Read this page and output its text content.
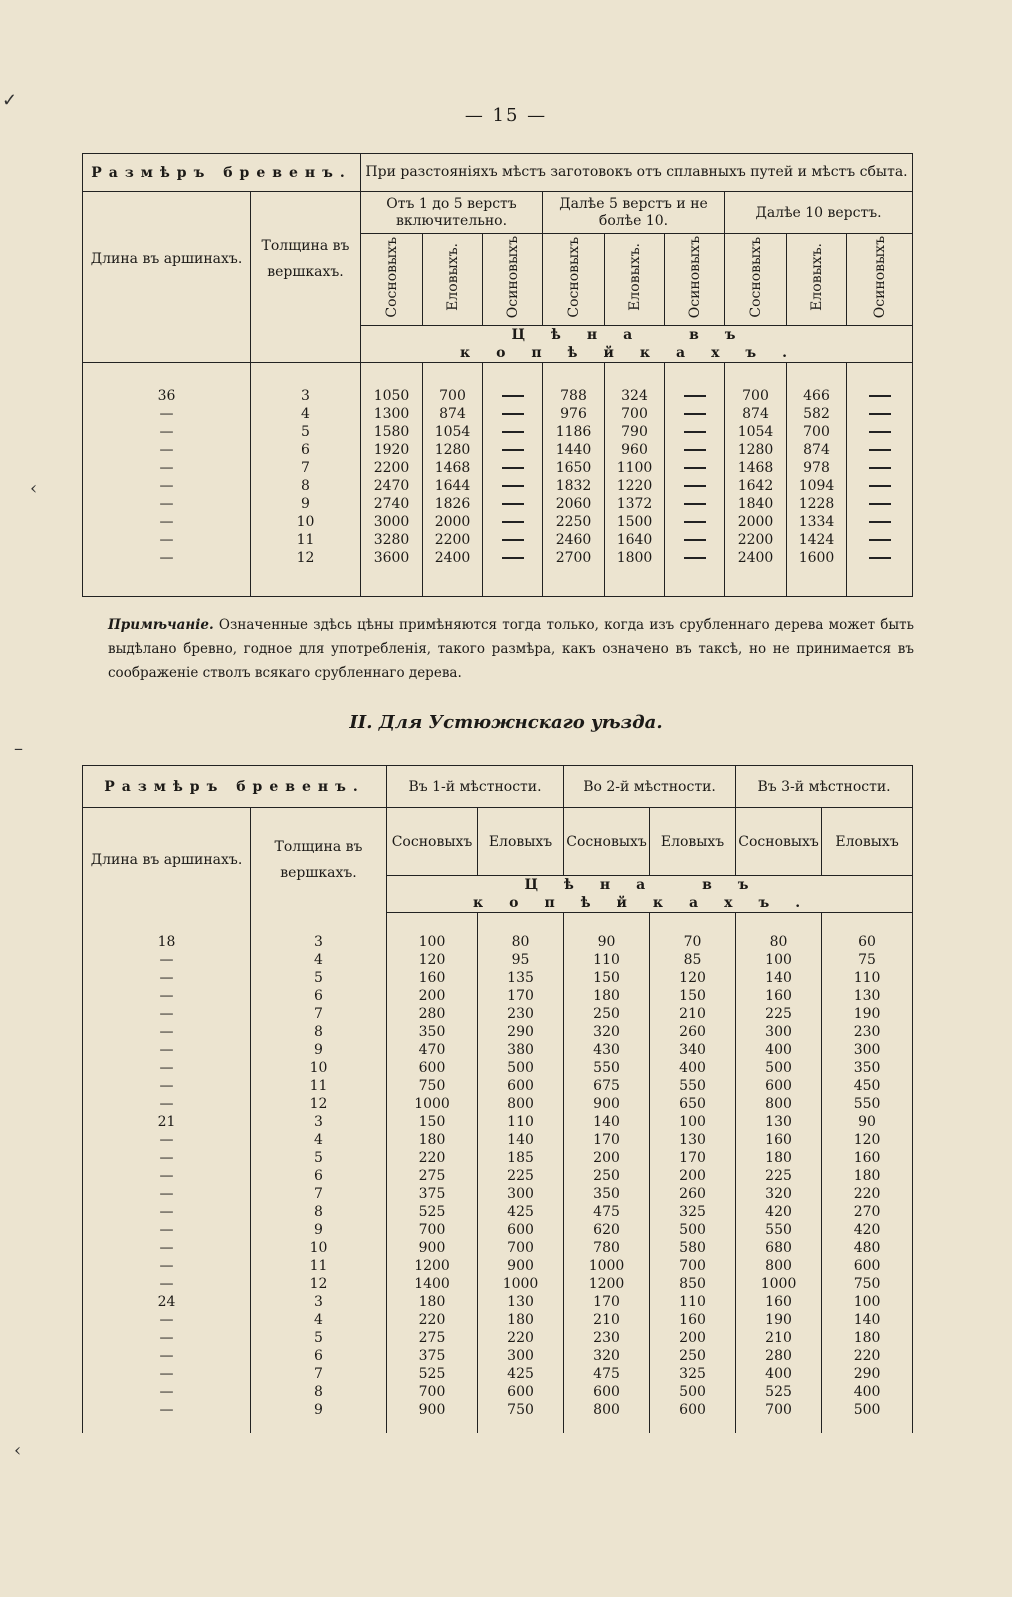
— 15 —
Размѣръ бревенъ.		При разстояніяхъ мѣстъ заготовокъ отъ сплавныхъ путей и мѣстъ сбыта.								
Длина въ аршинахъ.	Толщина въ вершкахъ.	Отъ 1 до 5 верстъ включительно.			Далѣе 5 верстъ и не болѣе 10.			Далѣе 10 верстъ.		
		Сосновыхъ	Еловыхъ.	Осиновыхъ	Сосновыхъ	Еловыхъ.	Осиновыхъ	Сосновыхъ	Еловыхъ.	Осиновыхъ
		Цѣна въ копѣйкахъ.								

36	3	1050	700		788	324		700	466	
—	4	1300	874		976	700		874	582	
—	5	1580	1054		1186	790		1054	700	
—	6	1920	1280		1440	960		1280	874	
—	7	2200	1468		1650	1100		1468	978	
—	8	2470	1644		1832	1220		1642	1094	
—	9	2740	1826		2060	1372		1840	1228	
—	10	3000	2000		2250	1500		2000	1334	
—	11	3280	2200		2460	1640		2200	1424	
—	12	3600	2400		2700	1800		2400	1600	

Примѣчаніе. Означенные здѣсь цѣны примѣняются тогда только, когда изъ срубленнаго дерева может быть выдѣлано бревно, годное для употребленія, такого размѣра, какъ означено въ таксѣ, но не принимается въ соображеніе стволъ всякаго срубленнаго дерева.
II. Для Устюжнскаго уѣзда.
Размѣръ бревенъ.		Въ 1-й мѣстности.		Во 2-й мѣстности.		Въ 3-й мѣстности.	
Длина въ аршинахъ.	Толщина въ вершкахъ.	Сосновыхъ	Еловыхъ	Сосновыхъ	Еловыхъ	Сосновыхъ	Еловыхъ
		Цѣна въ копѣйкахъ.					

18	3	100	80	90	70	80	60
—	4	120	95	110	85	100	75
—	5	160	135	150	120	140	110
—	6	200	170	180	150	160	130
—	7	280	230	250	210	225	190
—	8	350	290	320	260	300	230
—	9	470	380	430	340	400	300
—	10	600	500	550	400	500	350
—	11	750	600	675	550	600	450
—	12	1000	800	900	650	800	550
21	3	150	110	140	100	130	90
—	4	180	140	170	130	160	120
—	5	220	185	200	170	180	160
—	6	275	225	250	200	225	180
—	7	375	300	350	260	320	220
—	8	525	425	475	325	420	270
—	9	700	600	620	500	550	420
—	10	900	700	780	580	680	480
—	11	1200	900	1000	700	800	600
—	12	1400	1000	1200	850	1000	750
24	3	180	130	170	110	160	100
—	4	220	180	210	160	190	140
—	5	275	220	230	200	210	180
—	6	375	300	320	250	280	220
—	7	525	425	475	325	400	290
—	8	700	600	600	500	525	400
—	9	900	750	800	600	700	500

✓
‹
–
‹
